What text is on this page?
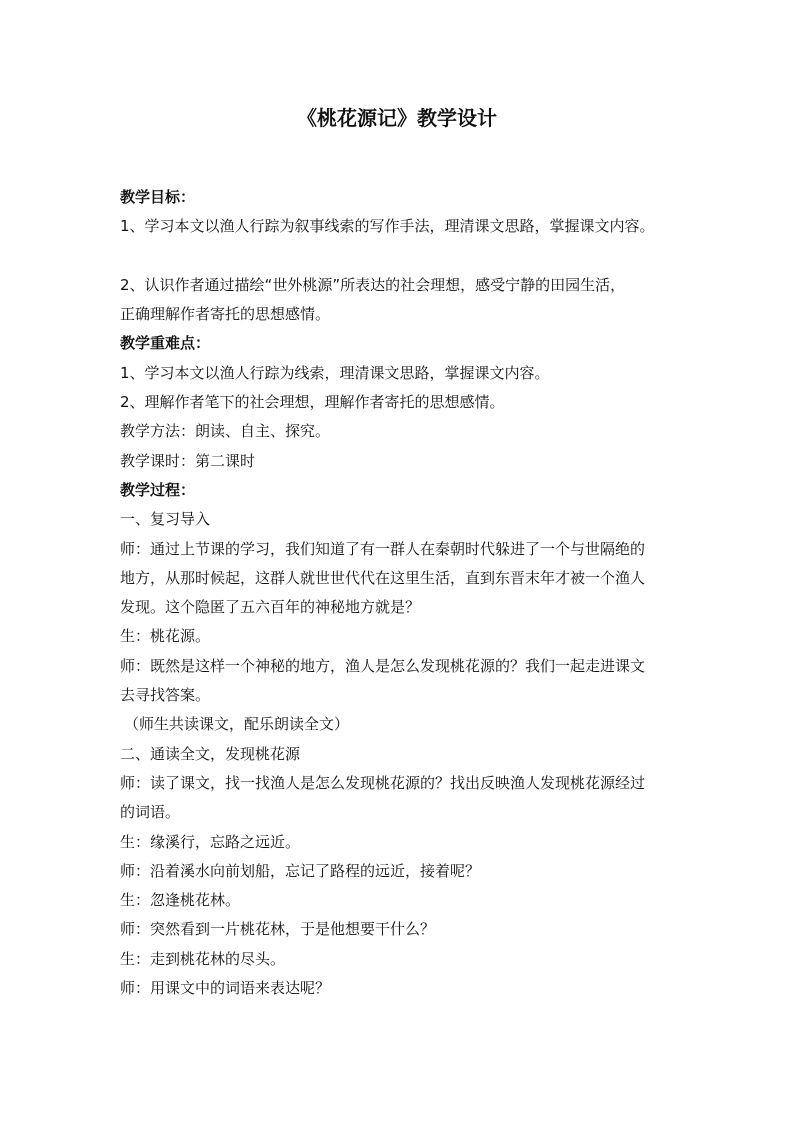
《桃花源记》教学设计

教学目标：

1、学习本文以渔人行踪为叙事线索的写作手法，理清课文思路，掌握课文内容。

2、认识作者通过描绘“世外桃源”所表达的社会理想，感受宁静的田园生活，

正确理解作者寄托的思想感情。

教学重难点：

1、学习本文以渔人行踪为线索，理清课文思路，掌握课文内容。

2、理解作者笔下的社会理想，理解作者寄托的思想感情。

教学方法：朗读、自主、探究。

教学课时：第二课时

教学过程：

一、复习导入

师：通过上节课的学习，我们知道了有一群人在秦朝时代躲进了一个与世隔绝的

地方，从那时候起，这群人就世世代代在这里生活，直到东晋末年才被一个渔人

发现。这个隐匿了五六百年的神秘地方就是？

生：桃花源。

师：既然是这样一个神秘的地方，渔人是怎么发现桃花源的？我们一起走进课文

去寻找答案。

（师生共读课文，配乐朗读全文）

二、通读全文，发现桃花源

师：读了课文，找一找渔人是怎么发现桃花源的？找出反映渔人发现桃花源经过

的词语。

生：缘溪行，忘路之远近。

师：沿着溪水向前划船，忘记了路程的远近，接着呢？

生：忽逢桃花林。

师：突然看到一片桃花林，于是他想要干什么？

生：走到桃花林的尽头。

师：用课文中的词语来表达呢？
